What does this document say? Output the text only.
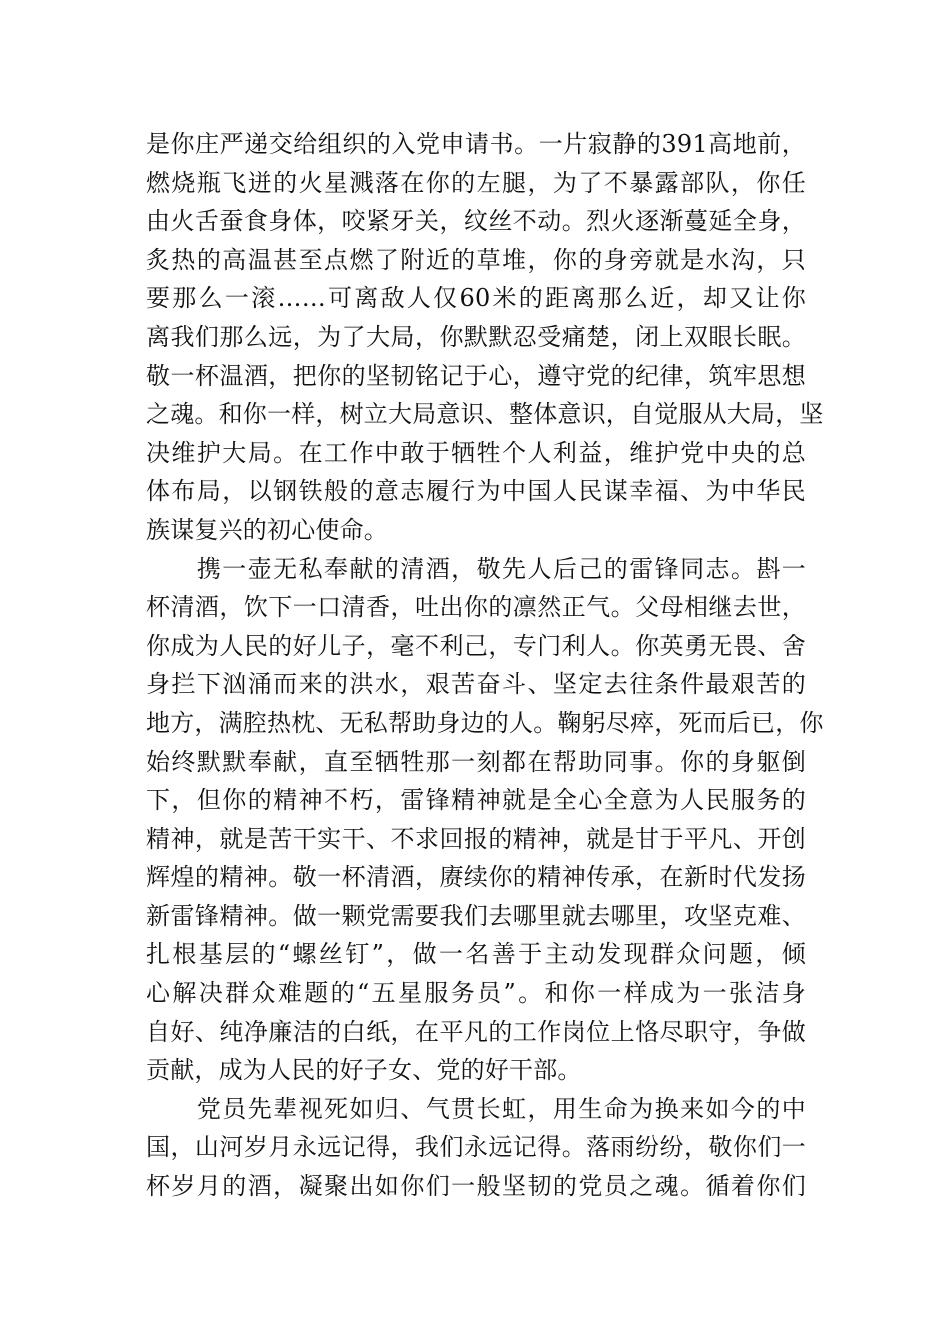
是你庄严递交给组织的入党申请书。一片寂静的391高地前，
燃烧瓶飞迸的火星溅落在你的左腿，为了不暴露部队，你任
由火舌蚕食身体，咬紧牙关，纹丝不动。烈火逐渐蔓延全身，
炙热的高温甚至点燃了附近的草堆，你的身旁就是水沟，只
要那么一滚……可离敌人仅60米的距离那么近，却又让你
离我们那么远，为了大局，你默默忍受痛楚，闭上双眼长眠。
敬一杯温酒，把你的坚韧铭记于心，遵守党的纪律，筑牢思想
之魂。和你一样，树立大局意识、整体意识，自觉服从大局，坚
决维护大局。在工作中敢于牺牲个人利益，维护党中央的总
体布局，以钢铁般的意志履行为中国人民谋幸福、为中华民
族谋复兴的初心使命。
　　携一壶无私奉献的清酒，敬先人后己的雷锋同志。斟一
杯清酒，饮下一口清香，吐出你的凛然正气。父母相继去世，
你成为人民的好儿子，毫不利己，专门利人。你英勇无畏、舍
身拦下汹涌而来的洪水，艰苦奋斗、坚定去往条件最艰苦的
地方，满腔热枕、无私帮助身边的人。鞠躬尽瘁，死而后已，你
始终默默奉献，直至牺牲那一刻都在帮助同事。你的身躯倒
下，但你的精神不朽，雷锋精神就是全心全意为人民服务的
精神，就是苦干实干、不求回报的精神，就是甘于平凡、开创
辉煌的精神。敬一杯清酒，赓续你的精神传承，在新时代发扬
新雷锋精神。做一颗党需要我们去哪里就去哪里，攻坚克难、
扎根基层的“螺丝钉”，做一名善于主动发现群众问题，倾
心解决群众难题的“五星服务员”。和你一样成为一张洁身
自好、纯净廉洁的白纸，在平凡的工作岗位上恪尽职守，争做
贡献，成为人民的好子女、党的好干部。
　　党员先辈视死如归、气贯长虹，用生命为换来如今的中
国，山河岁月永远记得，我们永远记得。落雨纷纷，敬你们一
杯岁月的酒，凝聚出如你们一般坚韧的党员之魂。循着你们
